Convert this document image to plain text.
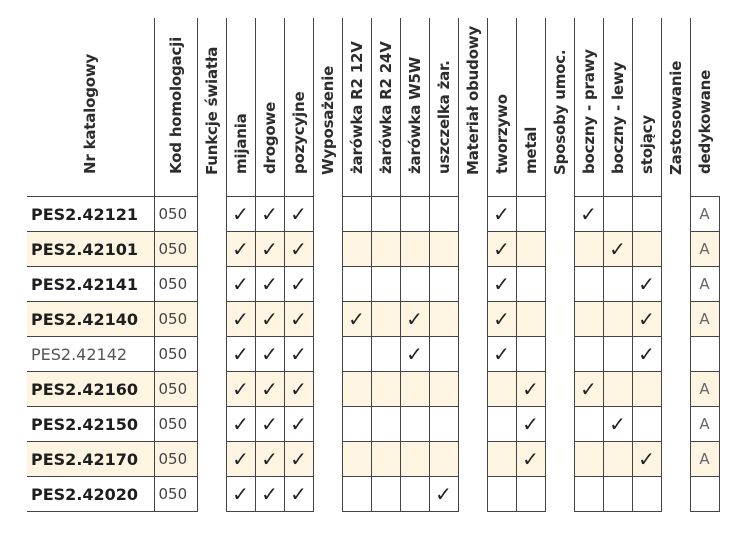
Nr katalogowy	Kod homologacji	Funkcje światła	mijania	drogowe	pozycyjne	Wyposażenie	żarówka R2 12V	żarówka R2 24V	żarówka W5W	uszczelka żar.	Materiał obudowy	tworzywo	metal	Sposoby umoc.	boczny - prawy	boczny - lewy	stojący	Zastosowanie	dedykowane

PES2.42121	050		✓	✓	✓							✓			✓				A
PES2.42101	050		✓	✓	✓							✓				✓			A
PES2.42141	050		✓	✓	✓							✓					✓		A
PES2.42140	050		✓	✓	✓		✓		✓			✓					✓		A
PES2.42142	050		✓	✓	✓				✓			✓					✓		
PES2.42160	050		✓	✓	✓								✓		✓				A
PES2.42150	050		✓	✓	✓								✓			✓			A
PES2.42170	050		✓	✓	✓								✓				✓		A
PES2.42020	050		✓	✓	✓					✓									
